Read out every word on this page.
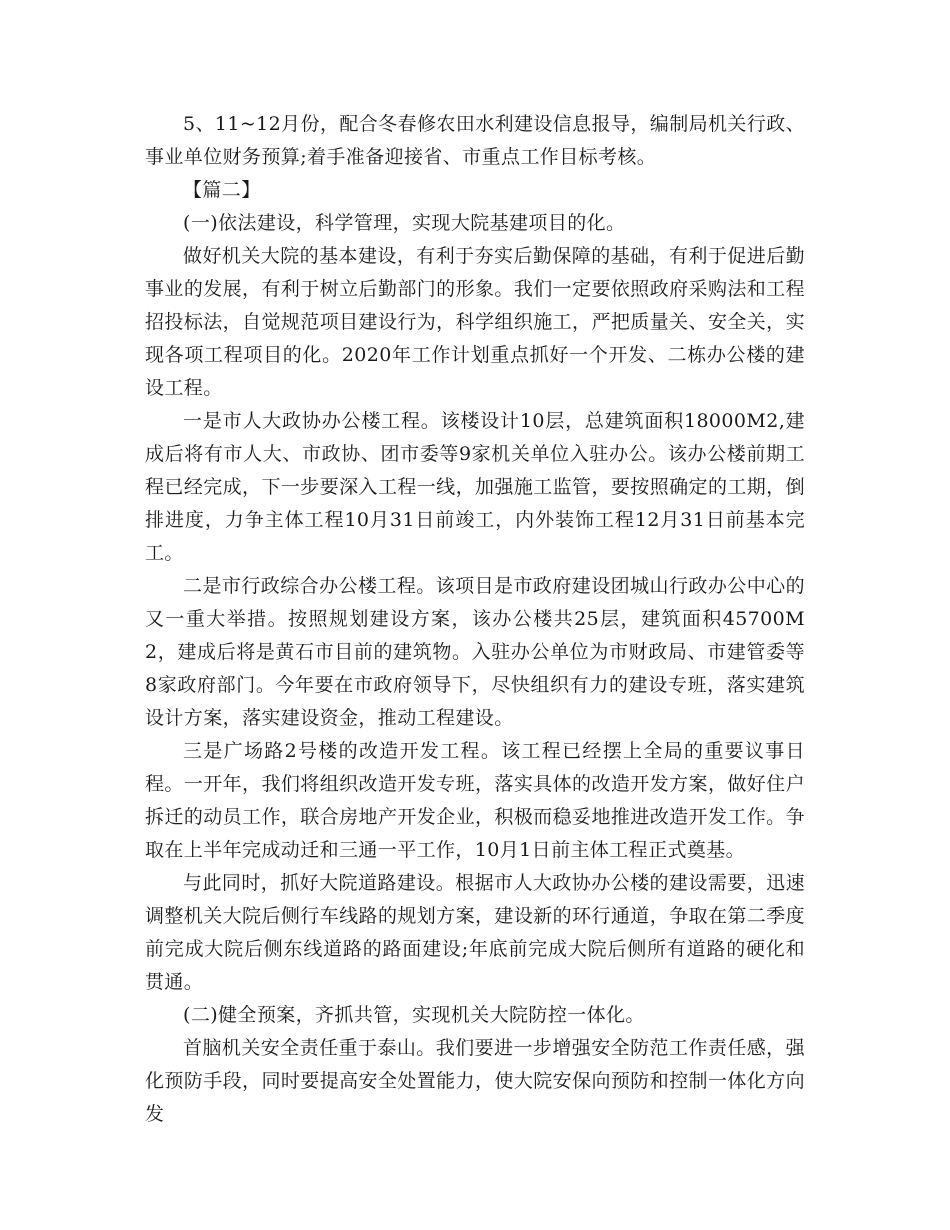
5、11~12月份，配合冬春修农田水利建设信息报导，编制局机关行政、事业单位财务预算;着手准备迎接省、市重点工作目标考核。

【篇二】

(一)依法建设，科学管理，实现大院基建项目的化。

做好机关大院的基本建设，有利于夯实后勤保障的基础，有利于促进后勤事业的发展，有利于树立后勤部门的形象。我们一定要依照政府采购法和工程招投标法，自觉规范项目建设行为，科学组织施工，严把质量关、安全关，实现各项工程项目的化。2020年工作计划重点抓好一个开发、二栋办公楼的建设工程。

一是市人大政协办公楼工程。该楼设计10层，总建筑面积18000M2,建成后将有市人大、市政协、团市委等9家机关单位入驻办公。该办公楼前期工程已经完成，下一步要深入工程一线，加强施工监管，要按照确定的工期，倒排进度，力争主体工程10月31日前竣工，内外装饰工程12月31日前基本完工。

二是市行政综合办公楼工程。该项目是市政府建设团城山行政办公中心的又一重大举措。按照规划建设方案，该办公楼共25层，建筑面积45700M2，建成后将是黄石市目前的建筑物。入驻办公单位为市财政局、市建管委等8家政府部门。今年要在市政府领导下，尽快组织有力的建设专班，落实建筑设计方案，落实建设资金，推动工程建设。

三是广场路2号楼的改造开发工程。该工程已经摆上全局的重要议事日程。一开年，我们将组织改造开发专班，落实具体的改造开发方案，做好住户拆迁的动员工作，联合房地产开发企业，积极而稳妥地推进改造开发工作。争取在上半年完成动迁和三通一平工作，10月1日前主体工程正式奠基。

与此同时，抓好大院道路建设。根据市人大政协办公楼的建设需要，迅速调整机关大院后侧行车线路的规划方案，建设新的环行通道，争取在第二季度前完成大院后侧东线道路的路面建设;年底前完成大院后侧所有道路的硬化和贯通。

(二)健全预案，齐抓共管，实现机关大院防控一体化。

首脑机关安全责任重于泰山。我们要进一步增强安全防范工作责任感，强化预防手段，同时要提高安全处置能力，使大院安保向预防和控制一体化方向发
